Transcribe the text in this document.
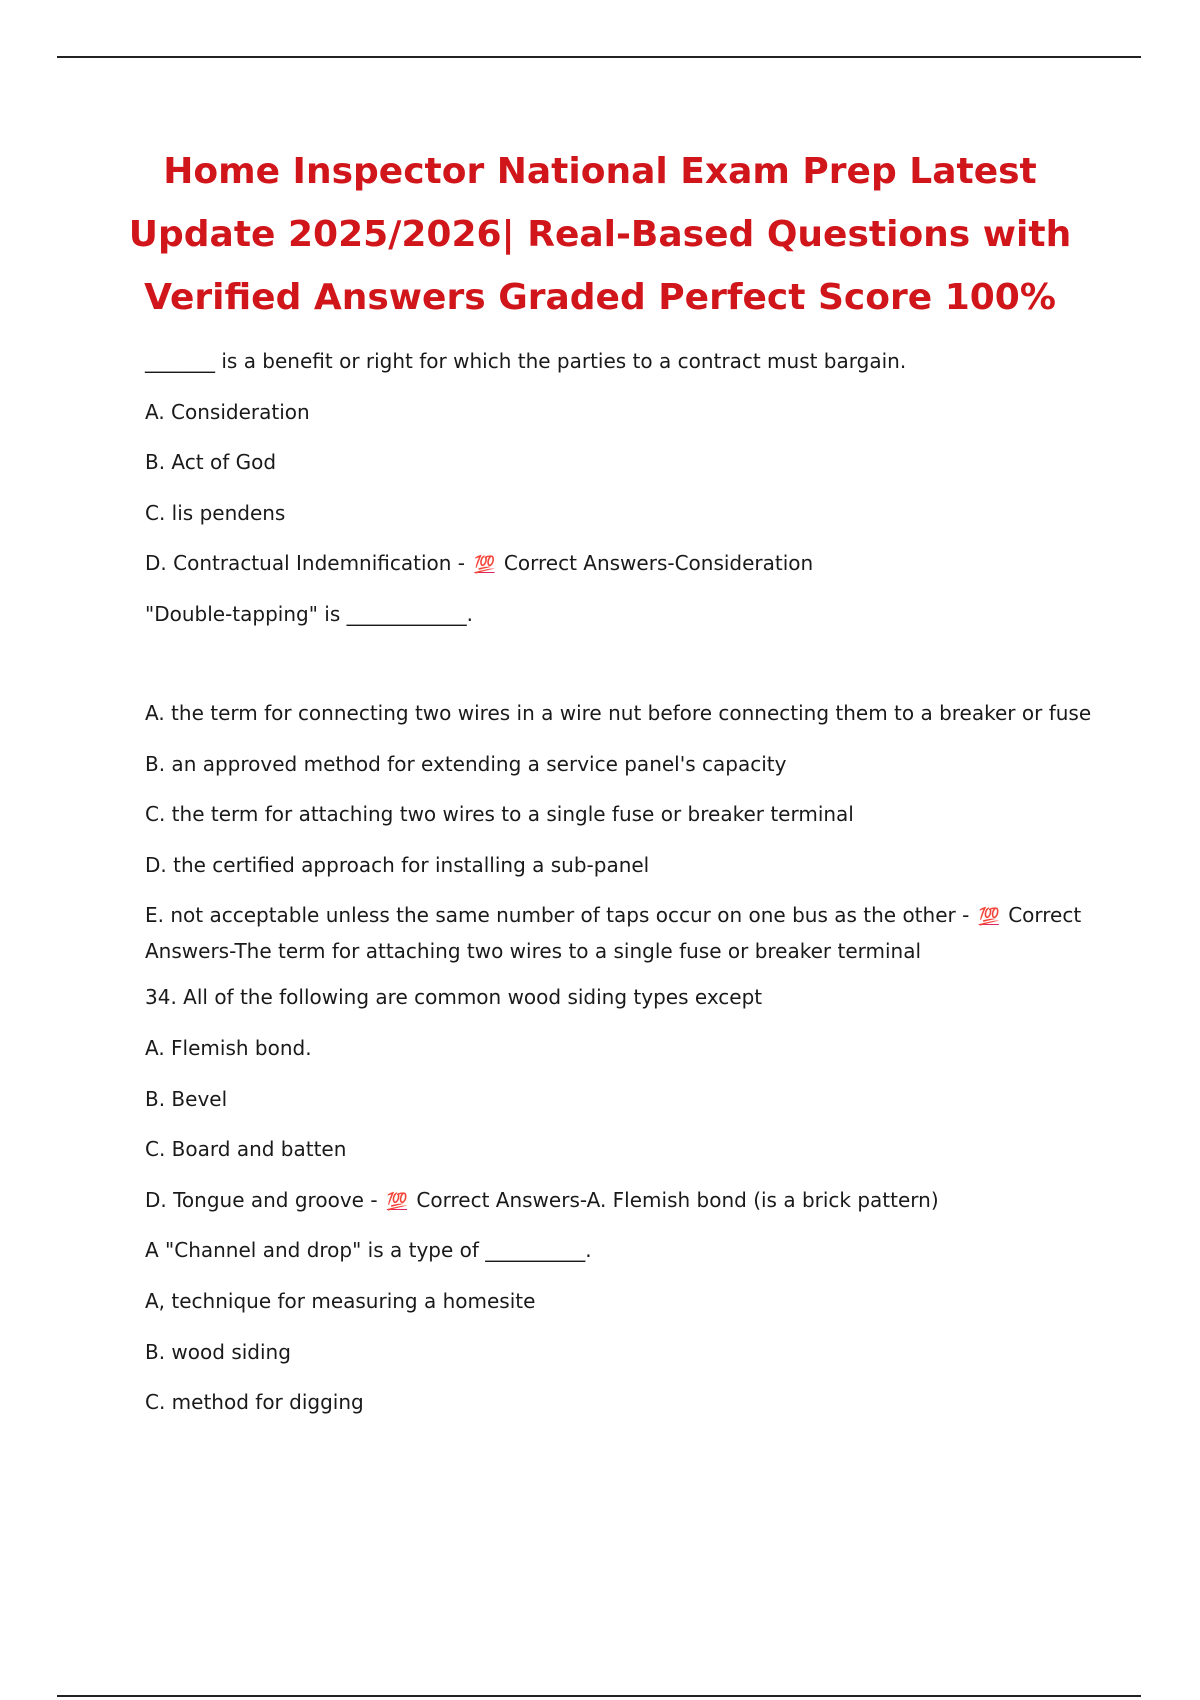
Home Inspector National Exam Prep Latest Update 2025/2026| Real-Based Questions with Verified Answers Graded Perfect Score 100%
_______ is a benefit or right for which the parties to a contract must bargain.
A. Consideration
B. Act of God
C. lis pendens
D. Contractual Indemnification - 💯 Correct Answers-Consideration
"Double-tapping" is ____________.
A. the term for connecting two wires in a wire nut before connecting them to a breaker or fuse
B. an approved method for extending a service panel's capacity
C. the term for attaching two wires to a single fuse or breaker terminal
D. the certified approach for installing a sub-panel
E. not acceptable unless the same number of taps occur on one bus as the other - 💯 Correct Answers-The term for attaching two wires to a single fuse or breaker terminal
34. All of the following are common wood siding types except
A. Flemish bond.
B. Bevel
C. Board and batten
D. Tongue and groove - 💯 Correct Answers-A. Flemish bond (is a brick pattern)
A "Channel and drop" is a type of __________.
A, technique for measuring a homesite
B. wood siding
C. method for digging
